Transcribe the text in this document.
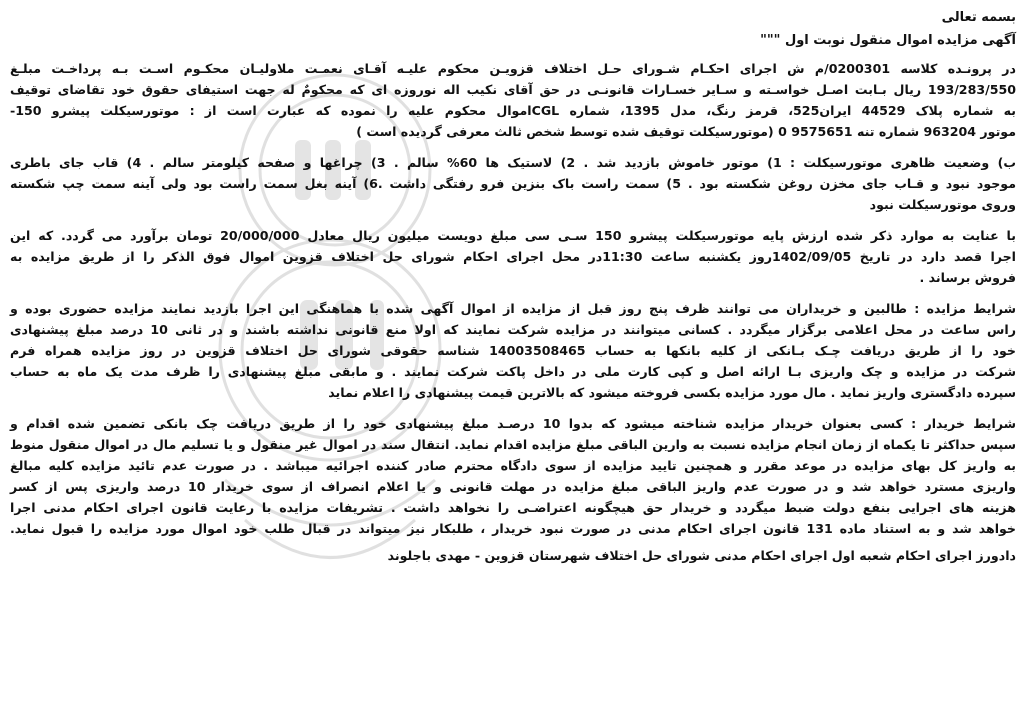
بسمه تعالی

آگهی مزایده اموال منقول نوبت اول """

در پرونـده کلاسه 0200301/م ش اجرای احکـام شـورای حـل اختلاف قزویـن محکوم علیـه آقـای نعمـت ملاولیـان محکـوم اسـت بـه پرداخـت مبلـغ

193/283/550 ریال بـابت اصـل خواسـته و سـایر خسـارات قانونـی در حق آقای نکیب اله نوروزه ای که محکومٌ له جهت استیفای حقوق خود تقاضای توقیف

به شماره پلاک 44529 ایران525، قرمز رنگ، مدل 1395، شماره CGLاموال محکوم علیه را نموده که عبارت است از : موتورسیکلت پیشرو 150-

موتور 963204 شماره تنه 9575651 0 (موتورسیکلت توقیف شده توسط شخص ثالث معرفی گردیده است )

ب) وضعیت ظاهری موتورسیکلت : 1) موتور خاموش بازدید شد . 2) لاستیک ها 60% سالم . 3) چراغها و صفحه کیلومتر سالم . 4) قاب جای باطری

موجود نبود و قـاب جای مخزن روغن شکسته بود . 5) سمت راست باک بنزین فرو رفتگی داشت .6) آینه بغل سمت راست بود ولی آینه سمت چپ شکسته

وروی موتورسیکلت نبود

با عنایت به موارد ذکر شده ارزش پایه موتورسیکلت پیشرو 150 سـی سی مبلغ دویست میلیون ریال معادل 20/000/000 تومان برآورد می گردد. که این

اجرا قصد دارد در تاریخ 1402/09/05روز یکشنبه ساعت 11:30در محل اجرای احکام شورای حل اختلاف قزوین اموال فوق الذکر را از طریق مزایده به

فروش برساند .

شرایط مزایده : طالبین و خریداران می توانند ظرف پنج روز قبل از مزایده از اموال آگهی شده با هماهنگی این اجرا بازدید نمایند مزایده حضوری بوده و

راس ساعت در محل اعلامی برگزار میگردد . کسانی میتوانند در مزایده شرکت نمایند که اولا منع قانونی نداشته باشند و در ثانی 10 درصد مبلغ پیشنهادی

خود را از طریق دریافت چـک بـانکی از کلیه بانکها به حساب 14003508465 شناسه حقوقی شورای حل اختلاف قزوین در روز مزایده همراه فرم

شرکت در مزایده و چک واریزی بـا ارائه اصل و کپی کارت ملی در داخل پاکت شرکت نمایند . و مابقی مبلغ پیشنهادی را ظرف مدت یک ماه به حساب

سپرده دادگستری واریز نماید . مال مورد مزایده بکسی فروخته میشود که بالاترین قیمت پیشنهادی را اعلام نماید

شرایط خریدار : کسی بعنوان خریدار مزایده شناخته میشود که بدوا 10 درصـد مبلغ پیشنهادی خود را از طریق دریافت چک بانکی تضمین شده اقدام و

سپس حداکثر تا یکماه از زمان انجام مزایده نسبت به وارین الباقی مبلغ مزایده اقدام نماید. انتقال سند در اموال غیر منقول و یا تسلیم مال در اموال منقول منوط

به واریز کل بهای مزایده در موعد مقرر و همچنین تایید مزایده از سوی دادگاه محترم صادر کننده اجرائیه میباشد . در صورت عدم تائید مزایده کلیه مبالغ

واریزی مسترد خواهد شد و در صورت عدم واریز الباقی مبلغ مزایده در مهلت قانونی و یا اعلام انصراف از سوی خریدار 10 درصد واریزی پس از کسر

هزینه های اجرایی بنفع دولت ضبط میگردد و خریدار حق هیچگونه اعتراضـی را نخواهد داشت . تشریفات مزایده با رعایت قانون اجرای احکام مدنی اجرا

خواهد شد و به استناد ماده 131 قانون اجرای احکام مدنی در صورت نبود خریدار ، طلبکار نیز میتواند در قبال طلب خود اموال مورد مزایده را قبول نماید.

دادورز اجرای احکام شعبه اول اجرای احکام مدنی شورای حل اختلاف شهرستان قزوین - مهدی باجلوند
